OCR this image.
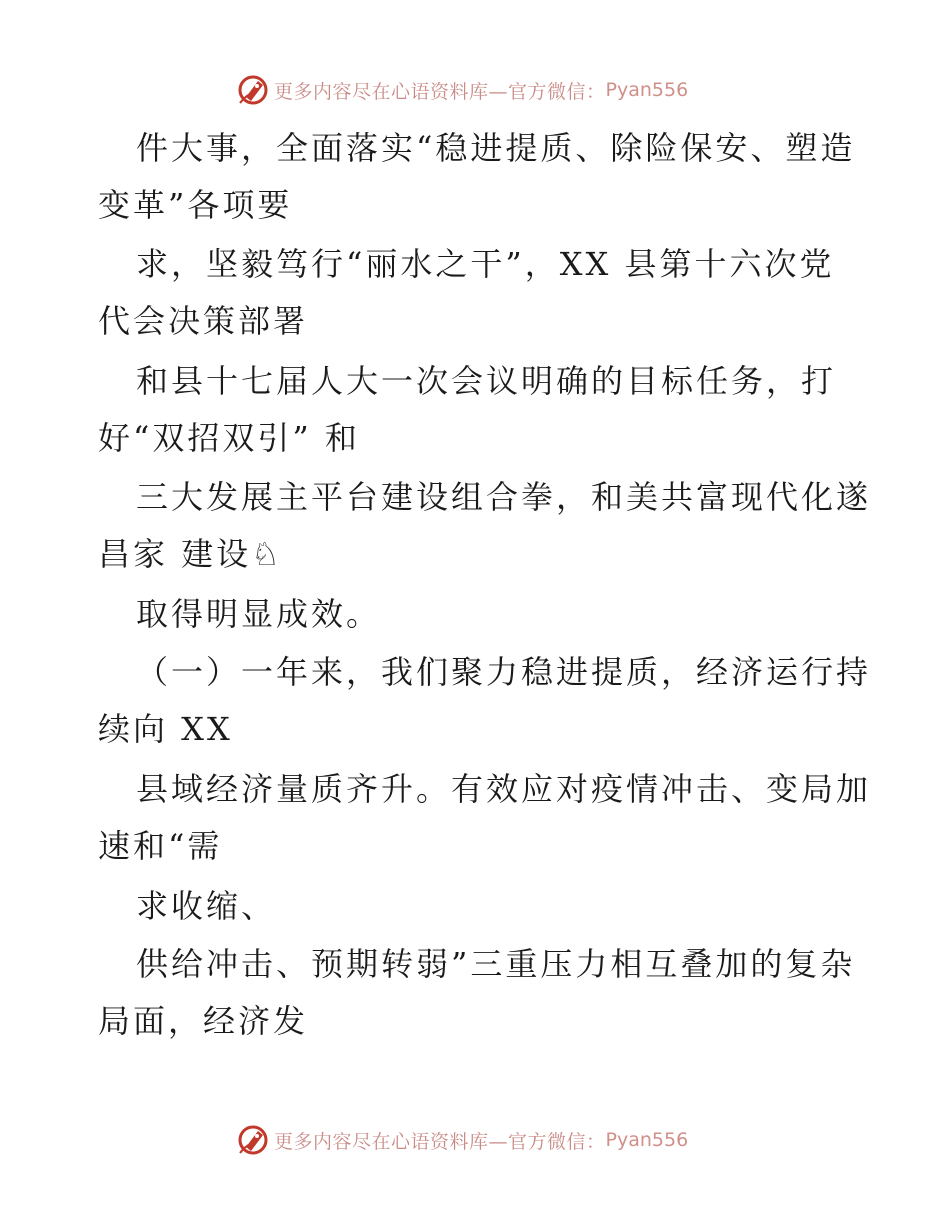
更多内容尽在心语资料库—官方微信： Pyan556
件大事，全面落实“稳进提质、除险保安、塑造
变革”各项要
求，坚毅笃行“丽水之干”，XX 县第十六次党
代会决策部署
和县十七届人大一次会议明确的目标任务，打
好“双招双引” 和
三大发展主平台建设组合拳，和美共富现代化遂
昌家 建设♘
取得明显成效。
（一）一年来，我们聚力稳进提质，经济运行持
续向 XX
县域经济量质齐升。有效应对疫情冲击、变局加
速和“需
求收缩、
供给冲击、预期转弱”三重压力相互叠加的复杂
局面，经济发
更多内容尽在心语资料库—官方微信： Pyan556
